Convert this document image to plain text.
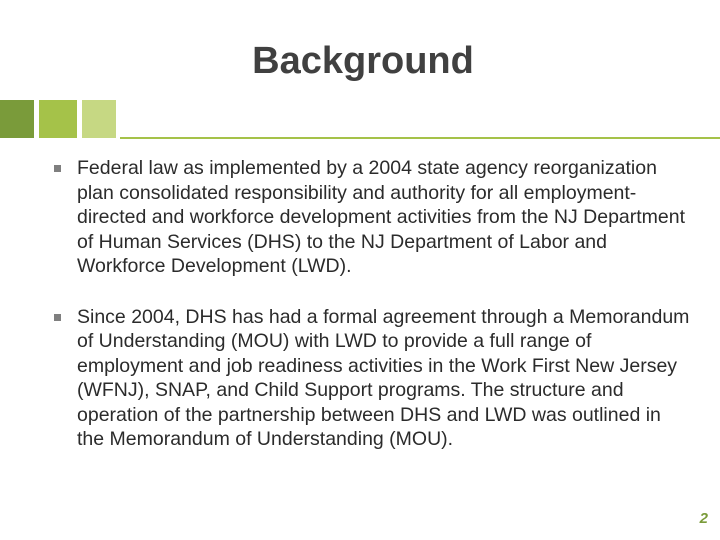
Background
Federal law as implemented by a 2004 state agency reorganization plan consolidated responsibility and authority for all employment-directed and workforce development activities from the NJ Department of Human Services (DHS) to the NJ Department of Labor and Workforce Development (LWD).
Since 2004, DHS has had a formal agreement through a Memorandum of Understanding (MOU) with LWD to provide a full range of employment and job readiness activities in the Work First New Jersey (WFNJ), SNAP, and Child Support programs. The structure and operation of the partnership between DHS and LWD was outlined in the Memorandum of Understanding (MOU).
2
